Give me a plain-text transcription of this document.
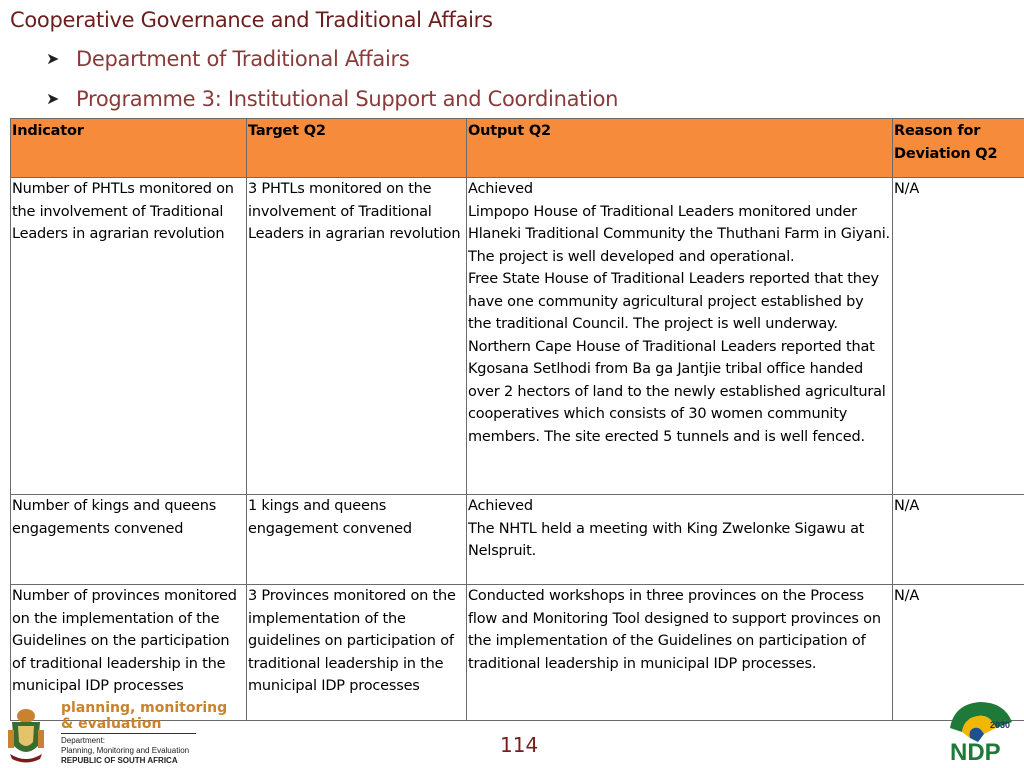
Cooperative Governance and Traditional Affairs
➤ Department of Traditional Affairs
➤ Programme 3: Institutional Support and Coordination
Indicator	Target Q2	Output Q2	Reason for Deviation Q2
Number of PHTLs monitored on the involvement of Traditional Leaders in agrarian revolution	3 PHTLs monitored on the involvement of Traditional Leaders in agrarian revolution	Achieved
Limpopo House of Traditional Leaders monitored under Hlaneki Traditional Community the Thuthani Farm in Giyani. The project is well developed and operational.
Free State House of Traditional Leaders reported that they have one community agricultural project established by the traditional Council. The project is well underway.
Northern Cape House of Traditional Leaders reported that Kgosana Setlhodi from Ba ga Jantjie tribal office handed over 2 hectors of land to the newly established agricultural cooperatives which consists of 30 women community members. The site erected 5 tunnels and is well fenced.	N/A
Number of kings and queens engagements convened	1 kings and queens engagement convened	Achieved
The NHTL held a meeting with King Zwelonke Sigawu at Nelspruit.	N/A
Number of provinces monitored on the implementation of the Guidelines on the participation of traditional leadership in the municipal IDP processes	3 Provinces monitored on the implementation of the guidelines on participation of traditional leadership in the municipal IDP processes	Conducted workshops in three provinces on the Process flow and Monitoring Tool designed to support provinces on the implementation of the Guidelines on participation of traditional leadership in municipal IDP processes.	N/A
planning, monitoring
& evaluation
Department:
Planning, Monitoring and Evaluation
REPUBLIC OF SOUTH AFRICA
114
2030
NDP
